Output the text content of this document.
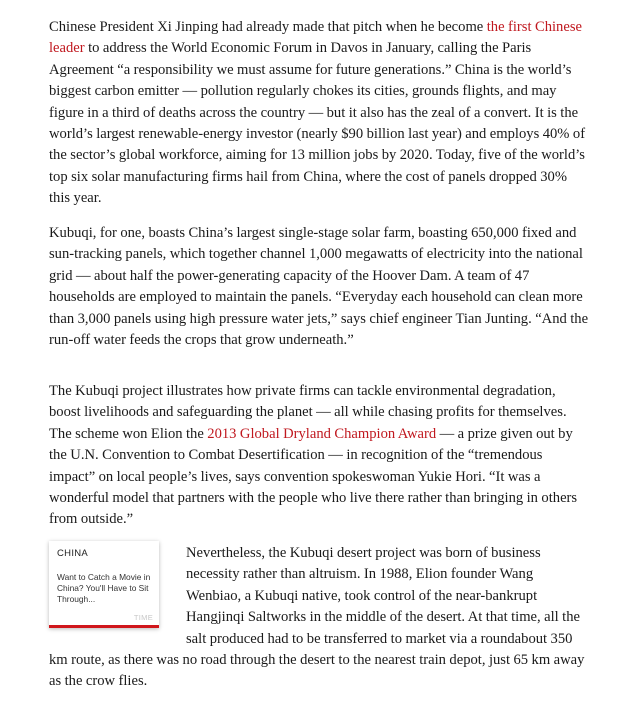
Chinese President Xi Jinping had already made that pitch when he become the first Chinese leader to address the World Economic Forum in Davos in January, calling the Paris Agreement “a responsibility we must assume for future generations.” China is the world’s biggest carbon emitter — pollution regularly chokes its cities, grounds flights, and may figure in a third of deaths across the country — but it also has the zeal of a convert. It is the world’s largest renewable-energy investor (nearly $90 billion last year) and employs 40% of the sector’s global workforce, aiming for 13 million jobs by 2020. Today, five of the world’s top six solar manufacturing firms hail from China, where the cost of panels dropped 30% this year.

Kubuqi, for one, boasts China’s largest single-stage solar farm, boasting 650,000 fixed and sun-tracking panels, which together channel 1,000 megawatts of electricity into the national grid — about half the power-generating capacity of the Hoover Dam. A team of 47 households are employed to maintain the panels. “Everyday each household can clean more than 3,000 panels using high pressure water jets,” says chief engineer Tian Junting. “And the run-off water feeds the crops that grow underneath.”

The Kubuqi project illustrates how private firms can tackle environmental degradation, boost livelihoods and safeguarding the planet — all while chasing profits for themselves. The scheme won Elion the 2013 Global Dryland Champion Award — a prize given out by the U.N. Convention to Combat Desertification — in recognition of the “tremendous impact” on local people’s lives, says convention spokeswoman Yukie Hori. “It was a wonderful model that partners with the people who live there rather than bringing in others from outside.”

Nevertheless, the Kubuqi desert project was born of business
necessity rather than altruism. In 1988, Elion founder Wang
Wenbiao, a Kubuqi native, took control of the near-bankrupt
Hangjinqi Saltworks in the middle of the desert. At that time, all the
salt produced had to be transferred to market via a roundabout 350 km route, as there was no road through the desert to the nearest train depot, just 65 km away as the crow flies.

CHINA
Want to Catch a Movie in China? You'll Have to Sit Through...
TIME
